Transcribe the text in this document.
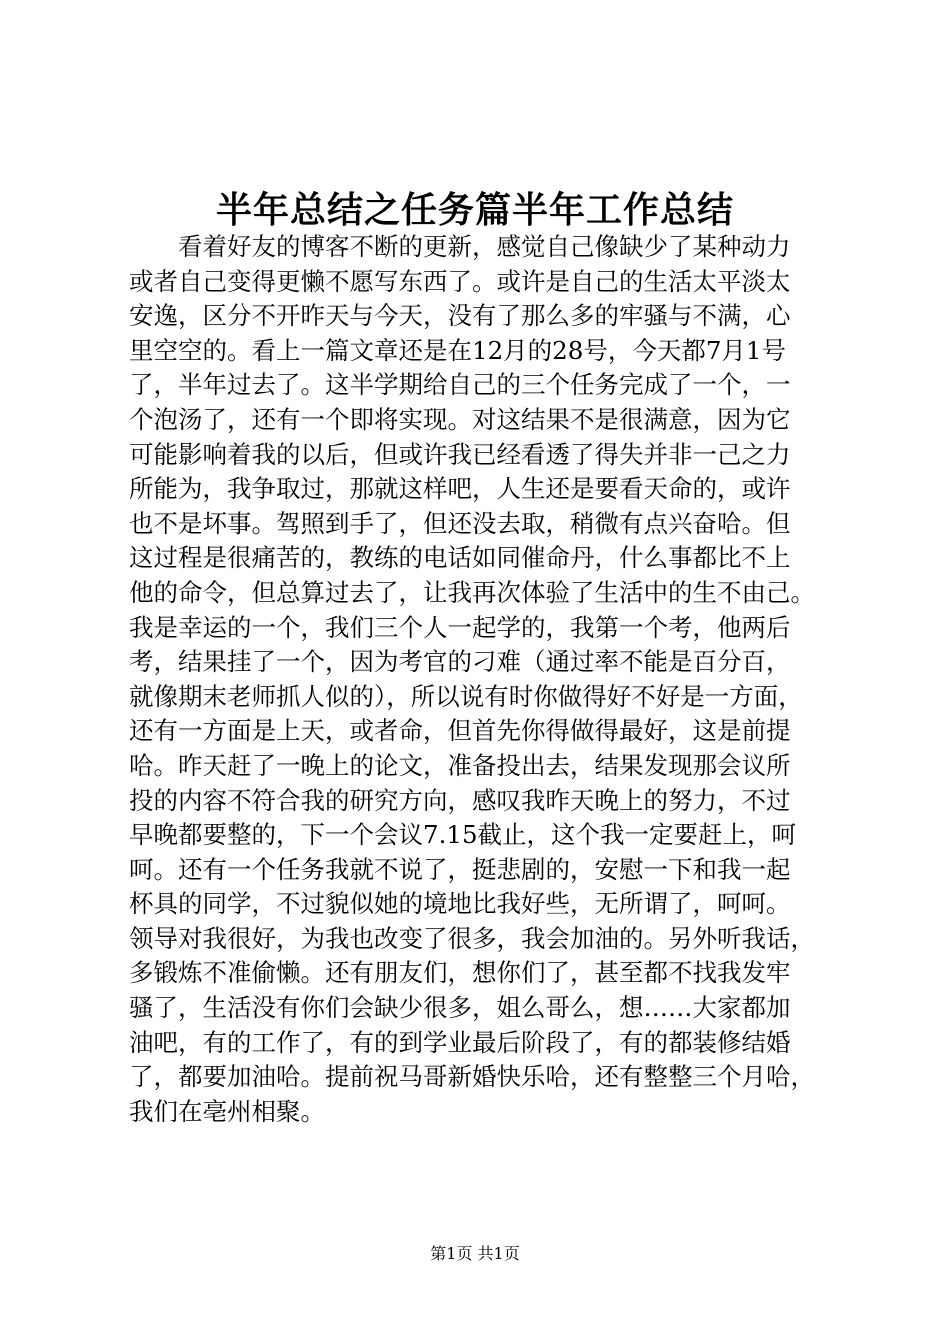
半年总结之任务篇半年工作总结
看着好友的博客不断的更新，感觉自己像缺少了某种动力
或者自己变得更懒不愿写东西了。或许是自己的生活太平淡太
安逸，区分不开昨天与今天，没有了那么多的牢骚与不满，心
里空空的。看上一篇文章还是在12月的28号，今天都7月1号
了，半年过去了。这半学期给自己的三个任务完成了一个，一
个泡汤了，还有一个即将实现。对这结果不是很满意，因为它
可能影响着我的以后，但或许我已经看透了得失并非一己之力
所能为，我争取过，那就这样吧，人生还是要看天命的，或许
也不是坏事。驾照到手了，但还没去取，稍微有点兴奋哈。但
这过程是很痛苦的，教练的电话如同催命丹，什么事都比不上
他的命令，但总算过去了，让我再次体验了生活中的生不由己。
我是幸运的一个，我们三个人一起学的，我第一个考，他两后
考，结果挂了一个，因为考官的刁难（通过率不能是百分百，
就像期末老师抓人似的），所以说有时你做得好不好是一方面，
还有一方面是上天，或者命，但首先你得做得最好，这是前提
哈。昨天赶了一晚上的论文，准备投出去，结果发现那会议所
投的内容不符合我的研究方向，感叹我昨天晚上的努力，不过
早晚都要整的，下一个会议7.15截止，这个我一定要赶上，呵
呵。还有一个任务我就不说了，挺悲剧的，安慰一下和我一起
杯具的同学，不过貌似她的境地比我好些，无所谓了，呵呵。
领导对我很好，为我也改变了很多，我会加油的。另外听我话，
多锻炼不准偷懒。还有朋友们，想你们了，甚至都不找我发牢
骚了，生活没有你们会缺少很多，姐么哥么，想……大家都加
油吧，有的工作了，有的到学业最后阶段了，有的都装修结婚
了，都要加油哈。提前祝马哥新婚快乐哈，还有整整三个月哈，
我们在亳州相聚。
第1页 共1页
